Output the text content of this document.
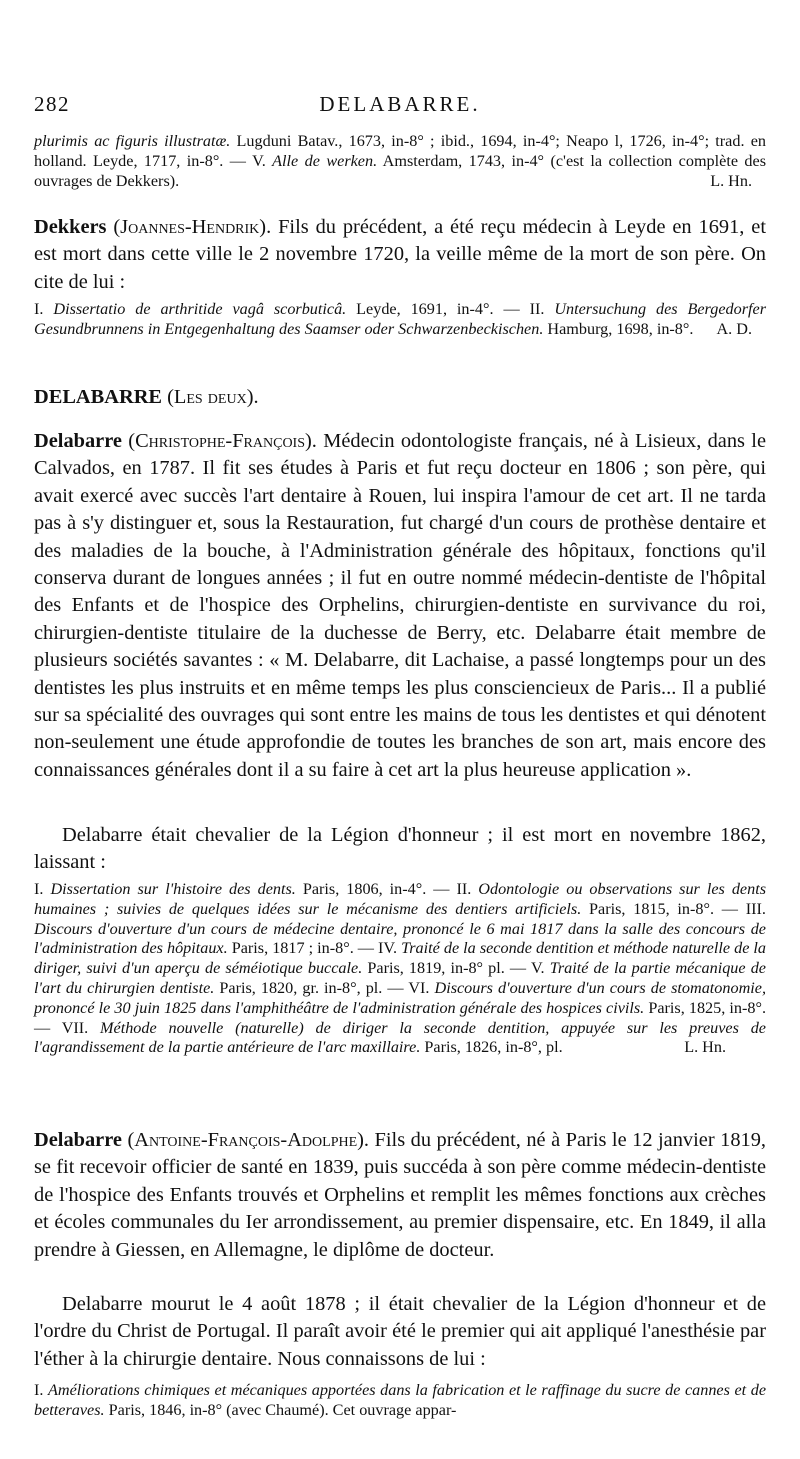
282	DELABARRE.

plurimis ac figuris illustratæ. Lugduni Batav., 1673, in-8° ; ibid., 1694, in-4°; Neapo l, 1726, in-4°; trad. en holland. Leyde, 1717, in-8°. — V. Alle de werken. Amsterdam, 1743, in-4° (c'est la collection complète des ouvrages de Dekkers).	L. Hn.

Dekkers (Joannes-Hendrik). Fils du précédent, a été reçu médecin à Leyde en 1691, et est mort dans cette ville le 2 novembre 1720, la veille même de la mort de son père. On cite de lui :

I. Dissertatio de arthritide vagâ scorbuticâ. Leyde, 1691, in-4°. — II. Untersuchung des Bergedorfer Gesundbrunnens in Entgegenhaltung des Saamser oder Schwarzenbeckischen. Hamburg, 1698, in-8°. A. D.

DELABARRE (Les deux).

Delabarre (Christophe-François). Médecin odontologiste français, né à Lisieux, dans le Calvados, en 1787. Il fit ses études à Paris et fut reçu docteur en 1806 ; son père, qui avait exercé avec succès l'art dentaire à Rouen, lui inspira l'amour de cet art. Il ne tarda pas à s'y distinguer et, sous la Restauration, fut chargé d'un cours de prothèse dentaire et des maladies de la bouche, à l'Administration générale des hôpitaux, fonctions qu'il conserva durant de longues années ; il fut en outre nommé médecin-dentiste de l'hôpital des Enfants et de l'hospice des Orphelins, chirurgien-dentiste en survivance du roi, chirurgien-dentiste titulaire de la duchesse de Berry, etc. Delabarre était membre de plusieurs sociétés savantes : « M. Delabarre, dit Lachaise, a passé longtemps pour un des dentistes les plus instruits et en même temps les plus consciencieux de Paris... Il a publié sur sa spécialité des ouvrages qui sont entre les mains de tous les dentistes et qui dénotent non-seulement une étude approfondie de toutes les branches de son art, mais encore des connaissances générales dont il a su faire à cet art la plus heureuse application ».

Delabarre était chevalier de la Légion d'honneur ; il est mort en novembre 1862, laissant :

I. Dissertation sur l'histoire des dents. Paris, 1806, in-4°. — II. Odontologie ou observations sur les dents humaines ; suivies de quelques idées sur le mécanisme des dentiers artificiels. Paris, 1815, in-8°. — III. Discours d'ouverture d'un cours de médecine dentaire, prononcé le 6 mai 1817 dans la salle des concours de l'administration des hôpitaux. Paris, 1817 ; in-8°. — IV. Traité de la seconde dentition et méthode naturelle de la diriger, suivi d'un aperçu de séméiotique buccale. Paris, 1819, in-8° pl. — V. Traité de la partie mécanique de l'art du chirurgien dentiste. Paris, 1820, gr. in-8°, pl. — VI. Discours d'ouverture d'un cours de stomatonomie, prononcé le 30 juin 1825 dans l'amphithéâtre de l'administration générale des hospices civils. Paris, 1825, in-8°. — VII. Méthode nouvelle (naturelle) de diriger la seconde dentition, appuyée sur les preuves de l'agrandissement de la partie antérieure de l'arc maxillaire. Paris, 1826, in-8°, pl.	L. Hn.

Delabarre (Antoine-François-Adolphe). Fils du précédent, né à Paris le 12 janvier 1819, se fit recevoir officier de santé en 1839, puis succéda à son père comme médecin-dentiste de l'hospice des Enfants trouvés et Orphelins et remplit les mêmes fonctions aux crèches et écoles communales du Ier arrondissement, au premier dispensaire, etc. En 1849, il alla prendre à Giessen, en Allemagne, le diplôme de docteur.

Delabarre mourut le 4 août 1878 ; il était chevalier de la Légion d'honneur et de l'ordre du Christ de Portugal. Il paraît avoir été le premier qui ait appliqué l'anesthésie par l'éther à la chirurgie dentaire. Nous connaissons de lui :

I. Améliorations chimiques et mécaniques apportées dans la fabrication et le raffinage du sucre de cannes et de betteraves. Paris, 1846, in-8° (avec Chaumé). Cet ouvrage appar-
